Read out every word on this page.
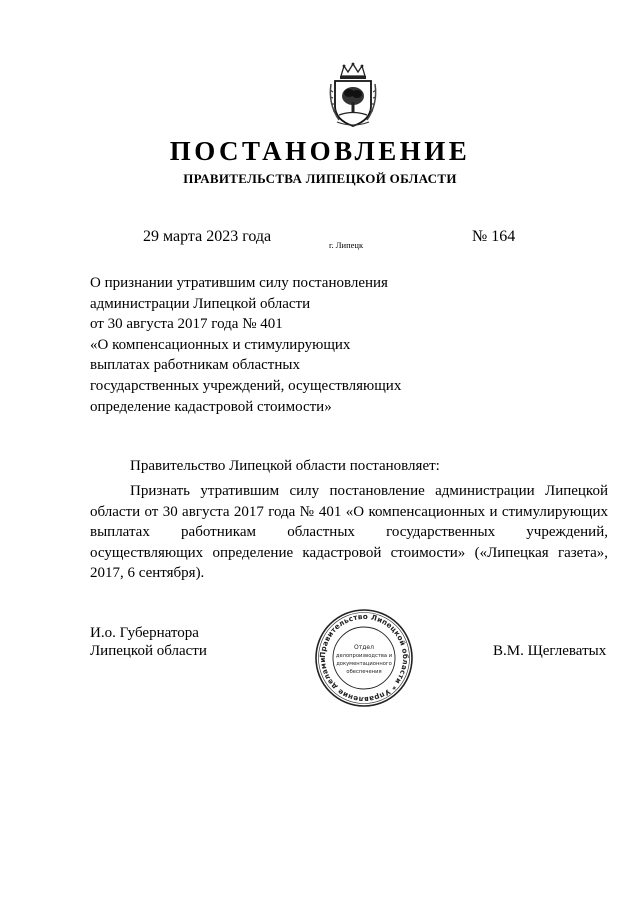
ПОСТАНОВЛЕНИЕ
ПРАВИТЕЛЬСТВА ЛИПЕЦКОЙ ОБЛАСТИ
29 марта 2023 года	г. Липецк	№ 164
О признании утратившим силу постановления
администрации Липецкой области
от 30 августа 2017 года № 401
«О компенсационных и стимулирующих
выплатах работникам областных
государственных учреждений, осуществляющих
определение кадастровой стоимости»
Правительство Липецкой области постановляет:
Признать утратившим силу постановление администрации Липецкой
области от 30 августа 2017 года № 401 «О компенсационных и стимулирующих
выплатах работникам областных государственных учреждений,
осуществляющих определение кадастровой стоимости» («Липецкая газета»,
2017, 6 сентября).
И.о. Губернатора
Липецкой области	В.М. Щеглеватых
Правительство Липецкой области * Управление делами
Отдел
делопроизводства и
документационного
обеспечения
